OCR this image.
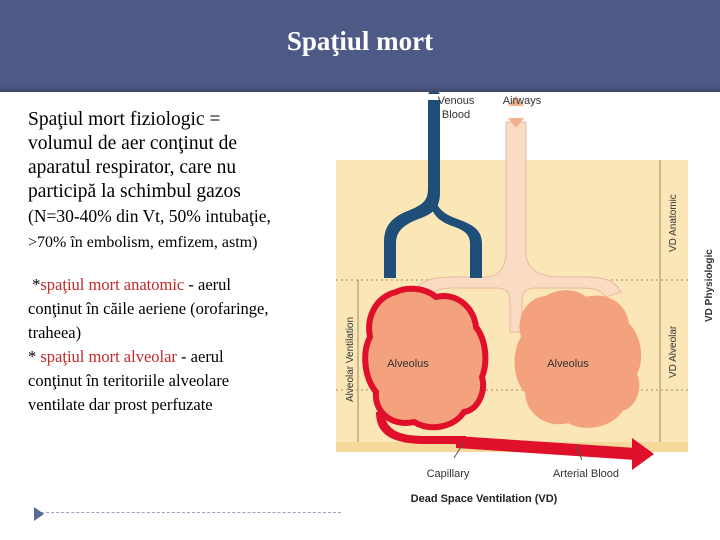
Spaţiul mort
Spaţiul mort fiziologic =
volumul de aer conţinut de
aparatul respirator, care nu
participă la schimbul gazos
(N=30-40% din Vt, 50% intubaţie,
>70% în embolism, emfizem, astm)
*spaţiul mort anatomic - aerul
conţinut în căile aeriene (orofaringe,
traheea)
* spaţiul mort alveolar - aerul
conţinut în teritoriile alveolare
ventilate dar prost perfuzate
Venous
Blood
Airways
Alveolus	Alveolus
Capillary	Arterial Blood
Dead Space Ventilation (VD)
Alveolar Ventilation
VD Anatomic
VD Alveolar
VD Physiologic
